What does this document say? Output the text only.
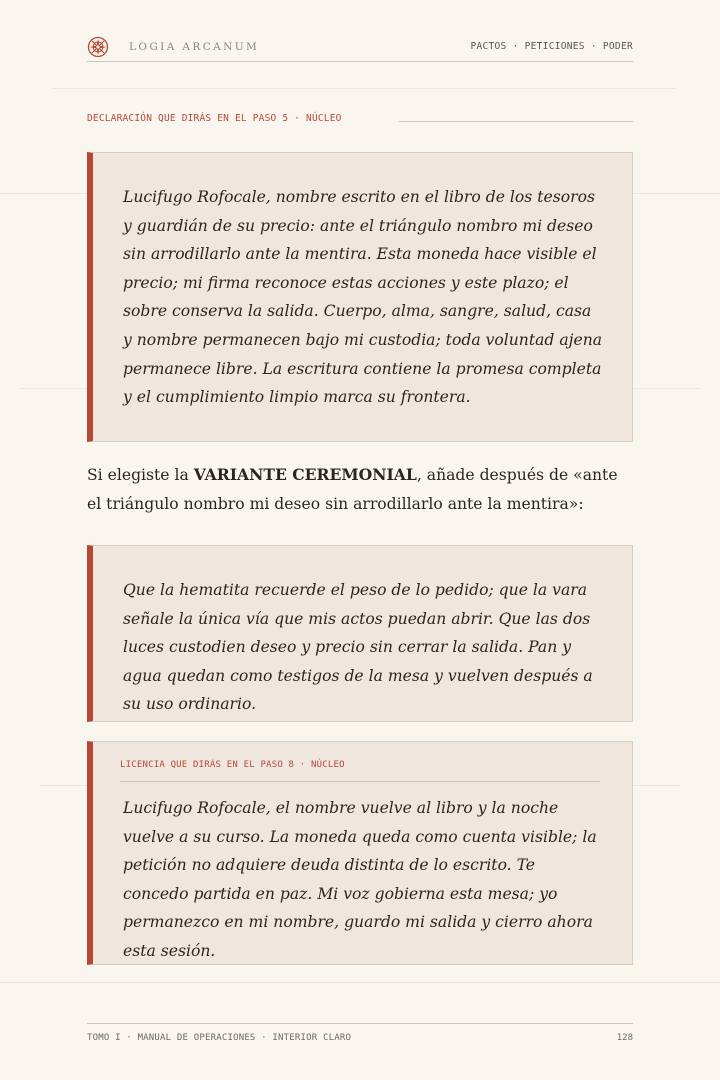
LOGIA ARCANUM	PACTOS · PETICIONES · PODER
DECLARACIÓN QUE DIRÁS EN EL PASO 5 · NÚCLEO

Lucifugo Rofocale, nombre escrito en el libro de los tesoros y guardián de su precio: ante el triángulo nombro mi deseo sin arrodillarlo ante la mentira. Esta moneda hace visible el precio; mi firma reconoce estas acciones y este plazo; el sobre conserva la salida. Cuerpo, alma, sangre, salud, casa y nombre permanecen bajo mi custodia; toda voluntad ajena permanece libre. La escritura contiene la promesa completa y el cumplimiento limpio marca su frontera.

Si elegiste la VARIANTE CEREMONIAL, añade después de «ante el triángulo nombro mi deseo sin arrodillarlo ante la mentira»:

Que la hematita recuerde el peso de lo pedido; que la vara señale la única vía que mis actos puedan abrir. Que las dos luces custodien deseo y precio sin cerrar la salida. Pan y agua quedan como testigos de la mesa y vuelven después a su uso ordinario.

LICENCIA QUE DIRÁS EN EL PASO 8 · NÚCLEO

Lucifugo Rofocale, el nombre vuelve al libro y la noche vuelve a su curso. La moneda queda como cuenta visible; la petición no adquiere deuda distinta de lo escrito. Te concedo partida en paz. Mi voz gobierna esta mesa; yo permanezco en mi nombre, guardo mi salida y cierro ahora esta sesión.

TOMO I · MANUAL DE OPERACIONES · INTERIOR CLARO	128
